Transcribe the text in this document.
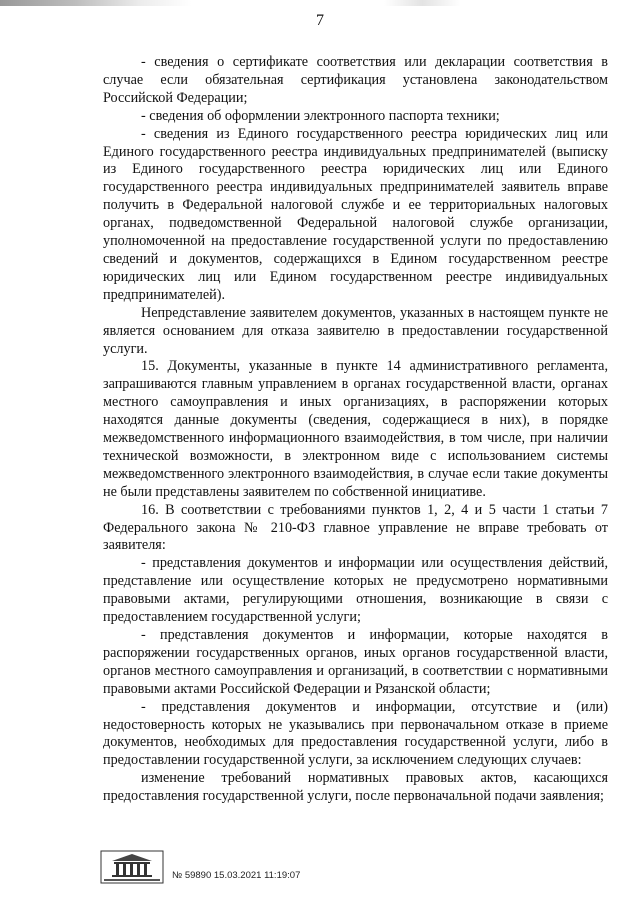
7

- сведения о сертификате соответствия или декларации соответствия в случае если обязательная сертификация установлена законодательством Российской Федерации;

- сведения об оформлении электронного паспорта техники;

- сведения из Единого государственного реестра юридических лиц или Единого государственного реестра индивидуальных предпринимателей (выписку из Единого государственного реестра юридических лиц или Единого государственного реестра индивидуальных предпринимателей заявитель вправе получить в Федеральной налоговой службе и ее территориальных налоговых органах, подведомственной Федеральной налоговой службе организации, уполномоченной на предоставление государственной услуги по предоставлению сведений и документов, содержащихся в Едином государственном реестре юридических лиц или Едином государственном реестре индивидуальных предпринимателей).

Непредставление заявителем документов, указанных в настоящем пункте не является основанием для отказа заявителю в предоставлении государственной услуги.

15. Документы, указанные в пункте 14 административного регламента, запрашиваются главным управлением в органах государственной власти, органах местного самоуправления и иных организациях, в распоряжении которых находятся данные документы (сведения, содержащиеся в них), в порядке межведомственного информационного взаимодействия, в том числе, при наличии технической возможности, в электронном виде с использованием системы межведомственного электронного взаимодействия, в случае если такие документы не были представлены заявителем по собственной инициативе.

16. В соответствии с требованиями пунктов 1, 2, 4 и 5 части 1 статьи 7 Федерального закона № 210-ФЗ главное управление не вправе требовать от заявителя:

- представления документов и информации или осуществления действий, представление или осуществление которых не предусмотрено нормативными правовыми актами, регулирующими отношения, возникающие в связи с предоставлением государственной услуги;

- представления документов и информации, которые находятся в распоряжении государственных органов, иных органов государственной власти, органов местного самоуправления и организаций, в соответствии с нормативными правовыми актами Российской Федерации и Рязанской области;

- представления документов и информации, отсутствие и (или) недостоверность которых не указывались при первоначальном отказе в приеме документов, необходимых для предоставления государственной услуги, либо в предоставлении государственной услуги, за исключением следующих случаев:

изменение требований нормативных правовых актов, касающихся предоставления государственной услуги, после первоначальной подачи заявления;

№ 59890 15.03.2021 11:19:07
